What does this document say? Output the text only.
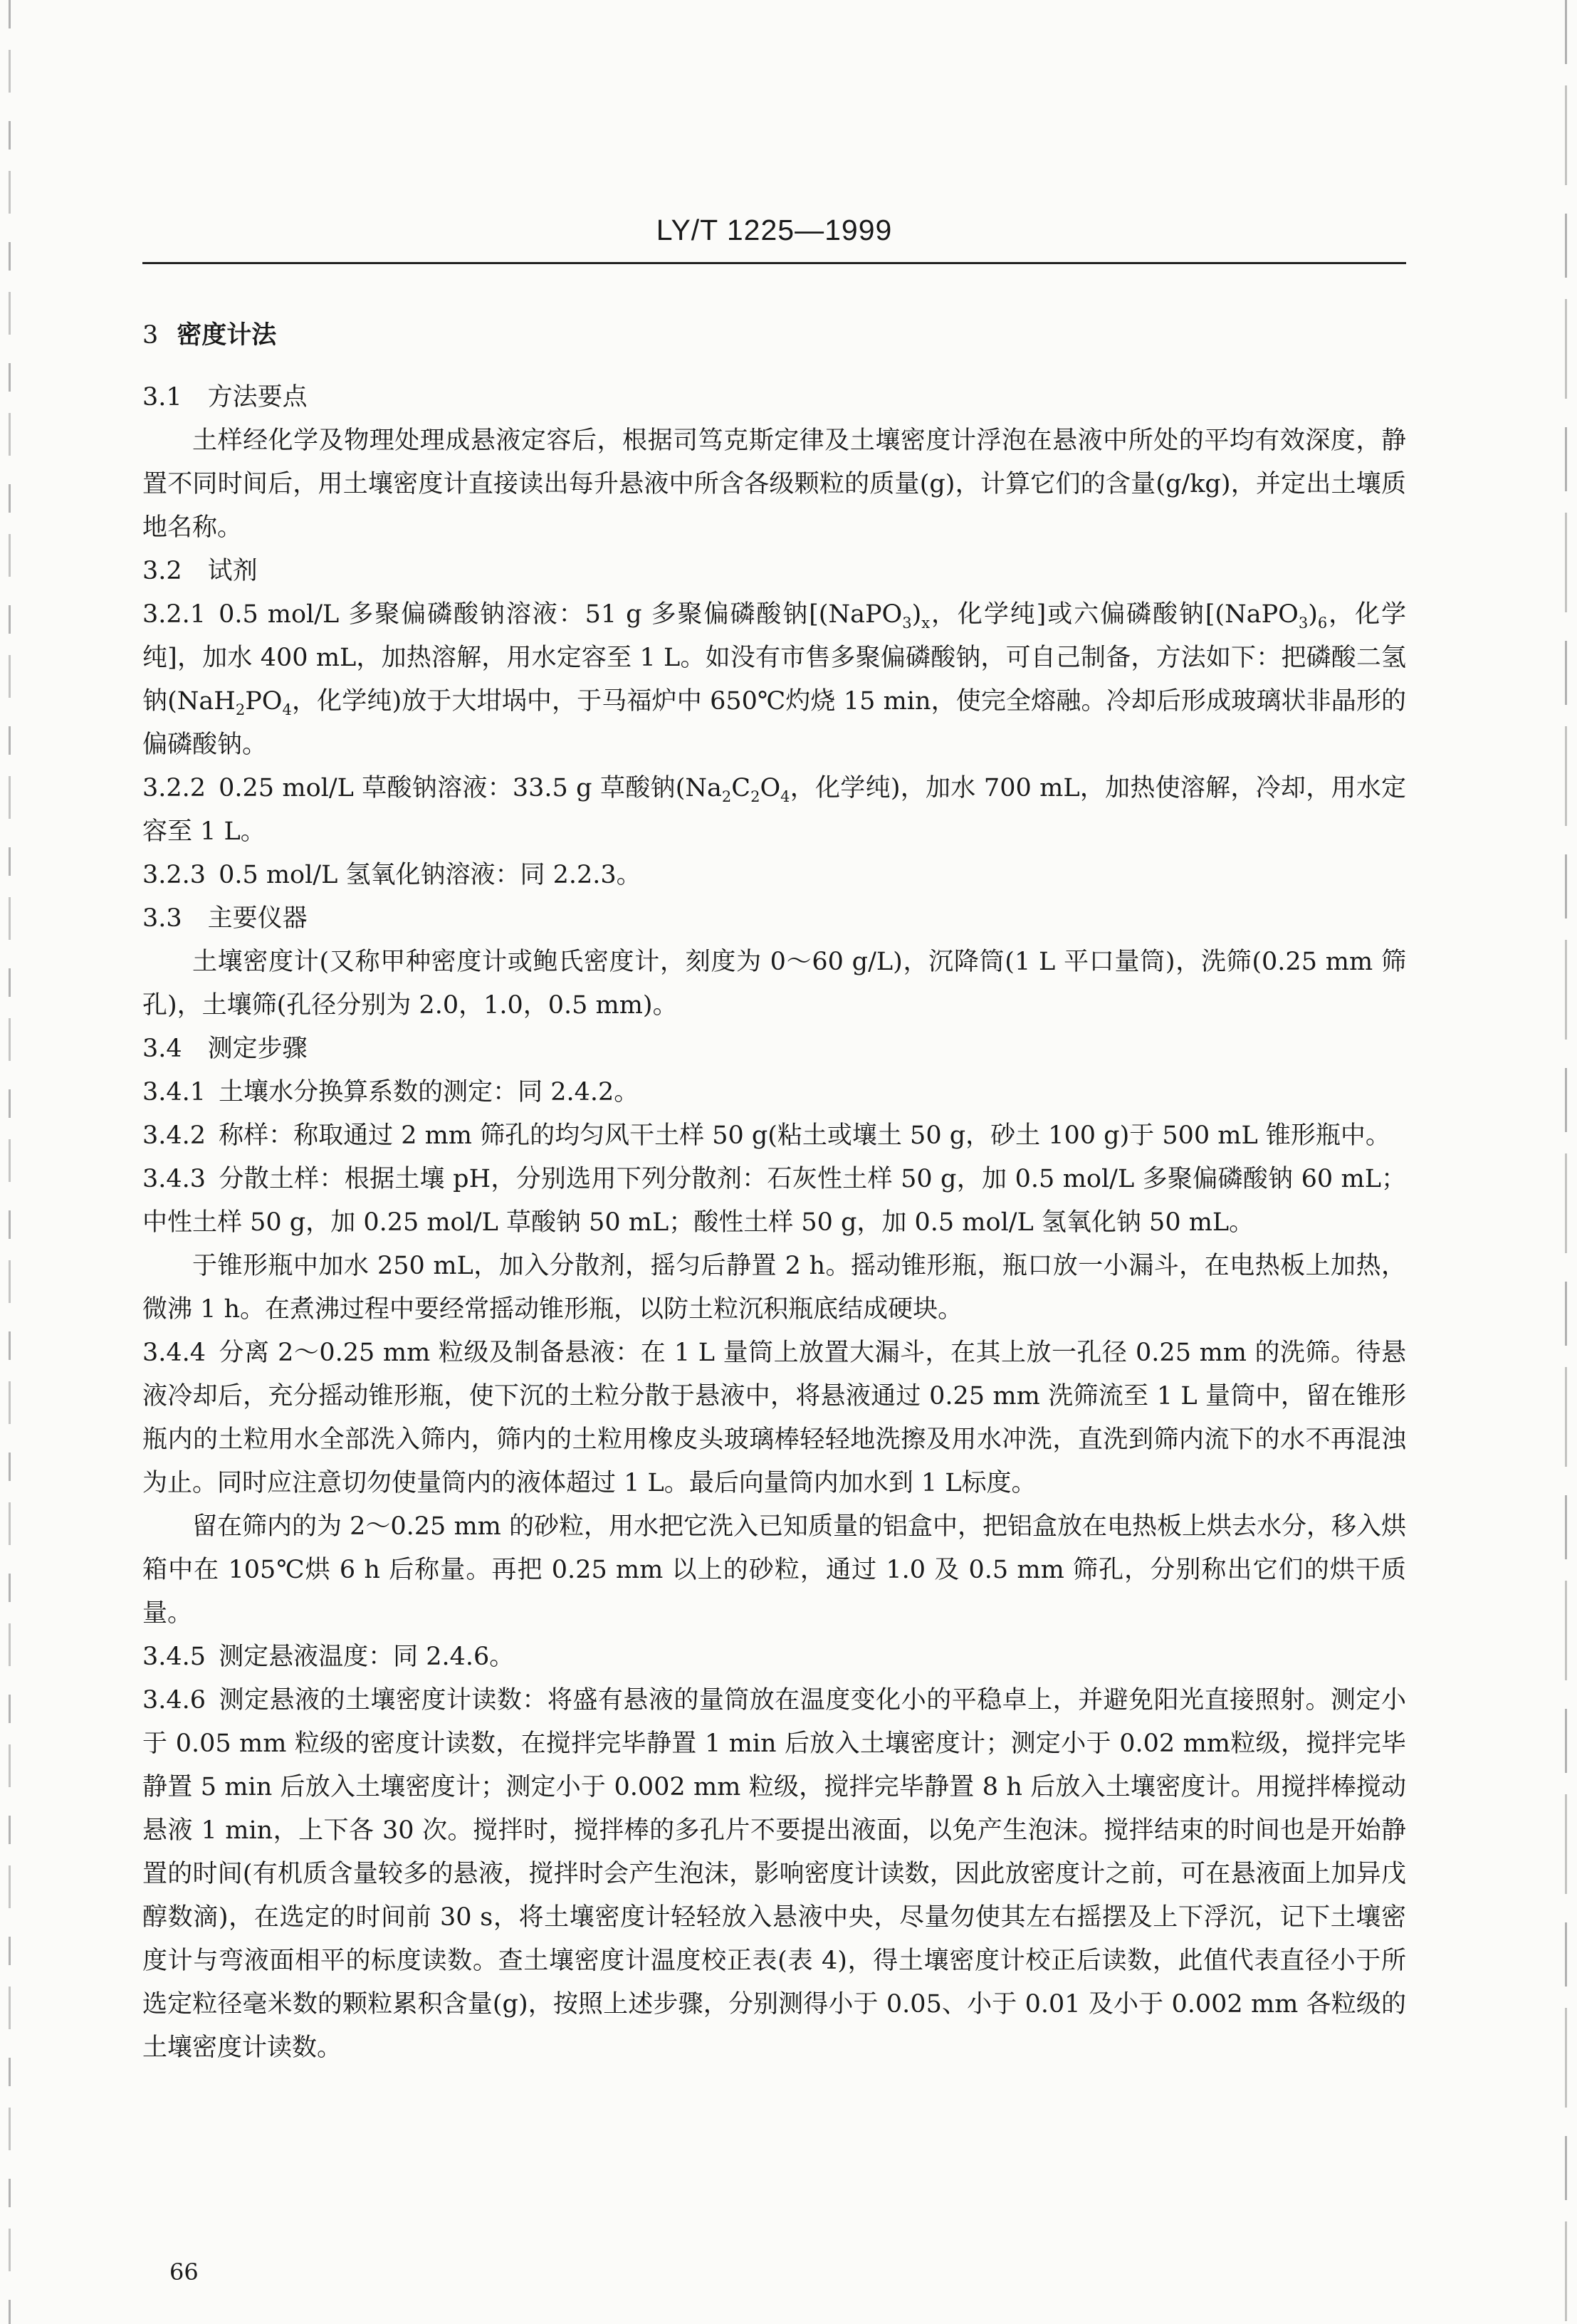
LY/T 1225—1999

3 密度计法

3.1 方法要点

土样经化学及物理处理成悬液定容后，根据司笃克斯定律及土壤密度计浮泡在悬液中所处的平均有效深度，静置不同时间后，用土壤密度计直接读出每升悬液中所含各级颗粒的质量(g)，计算它们的含量(g/kg)，并定出土壤质地名称。

3.2 试剂

3.2.1 0.5 mol/L 多聚偏磷酸钠溶液：51 g 多聚偏磷酸钠[$(NaPO_3)_x$，化学纯]或六偏磷酸钠[$(NaPO_3)_6$，化学纯]，加水 400 mL，加热溶解，用水定容至 1 L。如没有市售多聚偏磷酸钠，可自己制备，方法如下：把磷酸二氢钠($NaH_2PO_4$，化学纯)放于大坩埚中，于马福炉中 650℃灼烧 15 min，使完全熔融。冷却后形成玻璃状非晶形的偏磷酸钠。

3.2.2 0.25 mol/L 草酸钠溶液：33.5 g 草酸钠($Na_2C_2O_4$，化学纯)，加水 700 mL，加热使溶解，冷却，用水定容至 1 L。

3.2.3 0.5 mol/L 氢氧化钠溶液：同 2.2.3。

3.3 主要仪器

土壤密度计(又称甲种密度计或鲍氏密度计，刻度为 0～60 g/L)，沉降筒(1 L 平口量筒)，洗筛(0.25 mm 筛孔)，土壤筛(孔径分别为 2.0，1.0，0.5 mm)。

3.4 测定步骤

3.4.1 土壤水分换算系数的测定：同 2.4.2。

3.4.2 称样：称取通过 2 mm 筛孔的均匀风干土样 50 g(粘土或壤土 50 g，砂土 100 g)于 500 mL 锥形瓶中。

3.4.3 分散土样：根据土壤 pH，分别选用下列分散剂：石灰性土样 50 g，加 0.5 mol/L 多聚偏磷酸钠 60 mL；中性土样 50 g，加 0.25 mol/L 草酸钠 50 mL；酸性土样 50 g，加 0.5 mol/L 氢氧化钠 50 mL。

于锥形瓶中加水 250 mL，加入分散剂，摇匀后静置 2 h。摇动锥形瓶，瓶口放一小漏斗，在电热板上加热，微沸 1 h。在煮沸过程中要经常摇动锥形瓶，以防土粒沉积瓶底结成硬块。

3.4.4 分离 2～0.25 mm 粒级及制备悬液：在 1 L 量筒上放置大漏斗，在其上放一孔径 0.25 mm 的洗筛。待悬液冷却后，充分摇动锥形瓶，使下沉的土粒分散于悬液中，将悬液通过 0.25 mm 洗筛流至 1 L 量筒中，留在锥形瓶内的土粒用水全部洗入筛内，筛内的土粒用橡皮头玻璃棒轻轻地洗擦及用水冲洗，直洗到筛内流下的水不再混浊为止。同时应注意切勿使量筒内的液体超过 1 L。最后向量筒内加水到 1 L标度。

留在筛内的为 2～0.25 mm 的砂粒，用水把它洗入已知质量的铝盒中，把铝盒放在电热板上烘去水分，移入烘箱中在 105℃烘 6 h 后称量。再把 0.25 mm 以上的砂粒，通过 1.0 及 0.5 mm 筛孔，分别称出它们的烘干质量。

3.4.5 测定悬液温度：同 2.4.6。

3.4.6 测定悬液的土壤密度计读数：将盛有悬液的量筒放在温度变化小的平稳卓上，并避免阳光直接照射。测定小于 0.05 mm 粒级的密度计读数，在搅拌完毕静置 1 min 后放入土壤密度计；测定小于 0.02 mm粒级，搅拌完毕静置 5 min 后放入土壤密度计；测定小于 0.002 mm 粒级，搅拌完毕静置 8 h 后放入土壤密度计。用搅拌棒搅动悬液 1 min，上下各 30 次。搅拌时，搅拌棒的多孔片不要提出液面，以免产生泡沫。搅拌结束的时间也是开始静置的时间(有机质含量较多的悬液，搅拌时会产生泡沫，影响密度计读数，因此放密度计之前，可在悬液面上加异戊醇数滴)，在选定的时间前 30 s，将土壤密度计轻轻放入悬液中央，尽量勿使其左右摇摆及上下浮沉，记下土壤密度计与弯液面相平的标度读数。查土壤密度计温度校正表(表 4)，得土壤密度计校正后读数，此值代表直径小于所选定粒径毫米数的颗粒累积含量(g)，按照上述步骤，分别测得小于 0.05、小于 0.01 及小于 0.002 mm 各粒级的土壤密度计读数。

66
